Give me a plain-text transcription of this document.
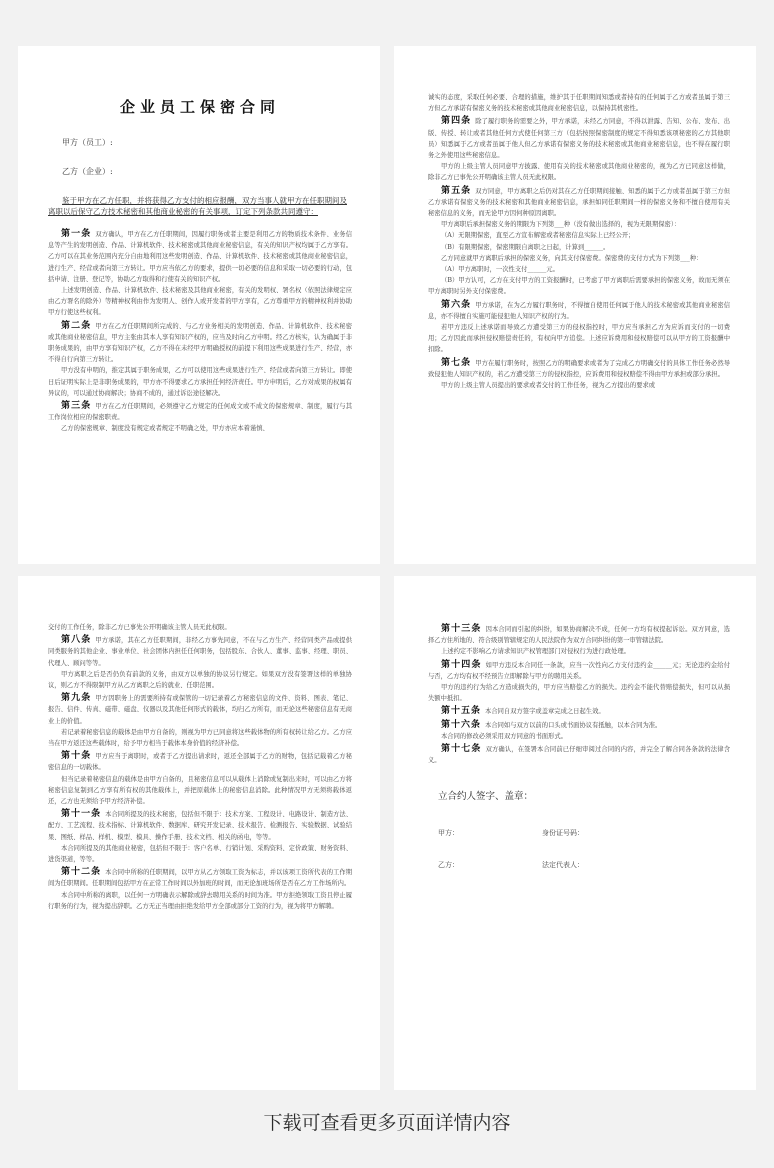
企业员工保密合同
甲方（员工）:
乙方（企业）:
鉴于甲方在乙方任职，并将获得乙方支付的相应报酬，双方当事人就甲方在任职期间及离职以后保守乙方技术秘密和其他商业秘密的有关事项，订定下列条款共同遵守：

第一条 双方确认，甲方在乙方任职期间，因履行职务或者主要是利用乙方的物质技术条件、业务信息等产生的发明创造、作品、计算机软件、技术秘密或其他商业秘密信息，有关的知识产权均属于乙方享有。乙方可以在其业务范围内充分自由地利用这些发明创造、作品、计算机软件、技术秘密或其他商业秘密信息，进行生产、经营或者向第三方转让。甲方应当依乙方的要求，提供一切必要的信息和采取一切必要的行动，包括申请、注册、登记等，协助乙方取得和行使有关的知识产权。

上述发明创造、作品、计算机软件、技术秘密及其他商业秘密，有关的发明权、署名权（依照法律规定应由乙方署名的除外）等精神权利由作为发明人、创作人或开发者的甲方享有，乙方尊重甲方的精神权利并协助甲方行使这些权利。

第二条 甲方在乙方任职期间所完成的、与乙方业务相关的发明创造、作品、计算机软件、技术秘密或其他商业秘密信息，甲方主张由其本人享有知识产权的，应当及时向乙方申明。经乙方核实，认为确属于非职务成果的，由甲方享有知识产权，乙方不得在未经甲方明确授权的前提下利用这些成果进行生产、经营，亦不得自行向第三方转让。

甲方没有申明的，推定其属于职务成果，乙方可以使用这些成果进行生产、经营或者向第三方转让。即使日后证明实际上是非职务成果的，甲方亦不得要求乙方承担任何经济责任。甲方申明后，乙方对成果的权属有异议的，可以通过协商解决；协商不成的，通过诉讼途径解决。

第三条 甲方在乙方任职期间，必须遵守乙方规定的任何成文或不成文的保密规章、制度，履行与其工作岗位相应的保密职责。

乙方的保密规章、制度没有规定或者规定不明确之处，甲方亦应本着谨慎、

诚实的态度，采取任何必要、合理的措施，维护其于任职期间知悉或者持有的任何属于乙方或者虽属于第三方但乙方承诺有保密义务的技术秘密或其他商业秘密信息，以保持其机密性。

第四条 除了履行职务的需要之外，甲方承诺，未经乙方同意，不得以泄露、告知、公布、发布、出版、传授、转让或者其他任何方式使任何第三方（包括按照保密制度的规定不得知悉该项秘密的乙方其他职员）知悉属于乙方或者虽属于他人但乙方承诺有保密义务的技术秘密或其他商业秘密信息，也不得在履行职务之外使用这些秘密信息。

甲方的上级主管人员同意甲方披露、使用有关的技术秘密或其他商业秘密的，视为乙方已同意这样做，除非乙方已事先公开明确该主管人员无此权限。

第五条 双方同意，甲方离职之后仍对其在乙方任职期间接触、知悉的属于乙方或者虽属于第三方但乙方承诺有保密义务的技术秘密和其他商业秘密信息，承担如同任职期间一样的保密义务和不擅自使用有关秘密信息的义务，而无论甲方因何种原因离职。

甲方离职后承担保密义务的期限为下列第___种（没有做出选择的，视为无限期保密）：

（A）无限期保密，直至乙方宣布解密或者秘密信息实际上已经公开；

（B）有限期保密，保密期限自离职之日起，计算到______。

乙方同意就甲方离职后承担的保密义务，向其支付保密费。保密费的支付方式为下列第___种：

（A）甲方离职时，一次性支付______元。

（B）甲方认可，乙方在支付甲方的工资报酬时，已考虑了甲方离职后需要承担的保密义务，故而无须在甲方离职时另外支付保密费。

第六条 甲方承诺，在为乙方履行职务时，不得擅自使用任何属于他人的技术秘密或其他商业秘密信息，亦不得擅自实施可能侵犯他人知识产权的行为。

若甲方违反上述承诺而导致乙方遭受第三方的侵权指控时，甲方应当承担乙方为应诉而支付的一切费用；乙方因此而承担侵权赔偿责任的，有权向甲方追偿。上述应诉费用和侵权赔偿可以从甲方的工资报酬中扣除。

第七条 甲方在履行职务时，按照乙方的明确要求或者为了完成乙方明确交付的具体工作任务必然导致侵犯他人知识产权的，若乙方遭受第三方的侵权指控，应诉费用和侵权赔偿不得由甲方承担或部分承担。

甲方的上级主管人员提出的要求或者交付的工作任务，视为乙方提出的要求或

交付的工作任务，除非乙方已事先公开明确该主管人员无此权限。

第八条 甲方承诺，其在乙方任职期间，非经乙方事先同意，不在与乙方生产、经营同类产品或提供同类服务的其他企业、事业单位、社会团体内担任任何职务，包括股东、合伙人、董事、监事、经理、职员、代理人、顾问等等。

甲方离职之后是否仍负有前款的义务，由双方以单独的协议另行规定。如果双方没有签署这样的单独协议，则乙方不得限制甲方从乙方离职之后的就业、任职范围。

第九条 甲方因职务上的需要所持有或保管的一切记录着乙方秘密信息的文件、资料、图表、笔记、报告、信件、传真、磁带、磁盘、仪器以及其他任何形式的载体，均归乙方所有，而无论这些秘密信息有无商业上的价值。

若记录着秘密信息的载体是由甲方自备的，则视为甲方已同意将这些载体物的所有权转让给乙方。乙方应当在甲方返还这些载体时，给予甲方相当于载体本身价值的经济补偿。

第十条 甲方应当于离职时，或者于乙方提出请求时，返还全部属于乙方的财物，包括记载着乙方秘密信息的一切载体。

但当记录着秘密信息的载体是由甲方自备的，且秘密信息可以从载体上消除或复制出来时，可以由乙方将秘密信息复制到乙方享有所有权的其他载体上，并把原载体上的秘密信息消除。此种情况甲方无须将载体返还，乙方也无须给予甲方经济补偿。

第十一条 本合同所提及的技术秘密，包括但不限于：技术方案、工程设计、电路设计、制造方法、配方、工艺流程、技术指标、计算机软件、数据库、研究开发记录、技术报告、检测报告、实验数据、试验结果、图纸、样品、样机、模型、模具、操作手册、技术文档、相关的函电，等等。

本合同所提及的其他商业秘密，包括但不限于：客户名单、行销计划、采购资料、定价政策、财务资料、进货渠道，等等。

第十二条 本合同中所称的任职期间，以甲方从乙方领取工资为标志，并以该项工资所代表的工作期间为任职期间。任职期间包括甲方在正常工作时间以外加班的时间，而无论加班场所是否在乙方工作场所内。

本合同中所称的离职，以任何一方明确表示解除或辞去聘用关系的时间为准。甲方拒绝领取工资且停止履行职务的行为，视为提出辞职。乙方无正当理由拒绝发给甲方全部或部分工资的行为，视为将甲方解聘。

第十三条 因本合同而引起的纠纷，如果协商解决不成，任何一方均有权提起诉讼。双方同意，选择乙方住所地的、符合级别管辖规定的人民法院作为双方合同纠纷的第一审管辖法院。

上述约定不影响乙方请求知识产权管理部门对侵权行为进行政处理。

第十四条 如甲方违反本合同任一条款，应当一次性向乙方支付违约金______元；无论违约金给付与否，乙方均有权不经预告立即解除与甲方的聘用关系。

甲方的违约行为给乙方造成损失的，甲方应当赔偿乙方的损失。违约金不能代替赔偿损失，但可以从损失额中抵扣。

第十五条 本合同自双方签字或盖章完成之日起生效。

第十六条 本合同如与双方以前的口头或书面协议有抵触，以本合同为准。

本合同的修改必须采用双方同意的书面形式。

第十七条 双方确认，在签署本合同前已仔细审阅过合同的内容，并完全了解合同各条款的法律含义。

立合约人签字、盖章：
甲方：	身份证号码：
乙方：	法定代表人：
下载可查看更多页面详情内容
